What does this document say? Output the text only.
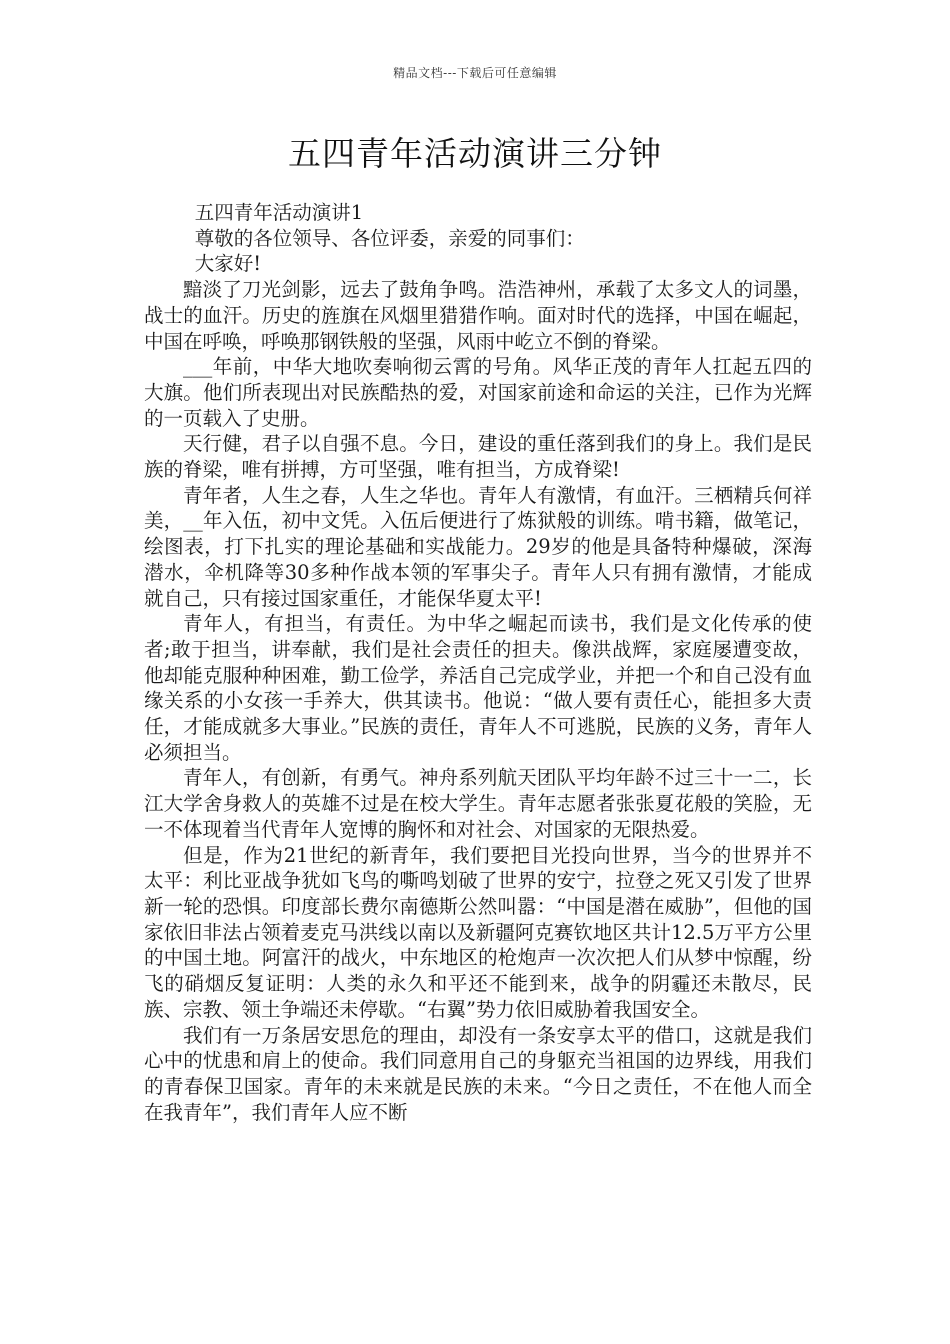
精品文档---下载后可任意编辑
五四青年活动演讲三分钟

五四青年活动演讲1

尊敬的各位领导、各位评委，亲爱的同事们：

大家好!

黯淡了刀光剑影，远去了鼓角争鸣。浩浩神州，承载了太多文人的词墨，战士的血汗。历史的旌旗在风烟里猎猎作响。面对时代的选择，中国在崛起，中国在呼唤，呼唤那钢铁般的坚强，风雨中屹立不倒的脊梁。

___年前，中华大地吹奏响彻云霄的号角。风华正茂的青年人扛起五四的大旗。他们所表现出对民族酷热的爱，对国家前途和命运的关注，已作为光辉的一页载入了史册。

天行健，君子以自强不息。今日，建设的重任落到我们的身上。我们是民族的脊梁，唯有拼搏，方可坚强，唯有担当，方成脊梁!

青年者，人生之春，人生之华也。青年人有激情，有血汗。三栖精兵何祥美，__年入伍，初中文凭。入伍后便进行了炼狱般的训练。啃书籍，做笔记，绘图表，打下扎实的理论基础和实战能力。29岁的他是具备特种爆破，深海潜水，伞机降等30多种作战本领的军事尖子。青年人只有拥有激情，才能成就自己，只有接过国家重任，才能保华夏太平!

青年人，有担当，有责任。为中华之崛起而读书，我们是文化传承的使者;敢于担当，讲奉献，我们是社会责任的担夫。像洪战辉，家庭屡遭变故，他却能克服种种困难，勤工俭学，养活自己完成学业，并把一个和自己没有血缘关系的小女孩一手养大，供其读书。他说：“做人要有责任心，能担多大责任，才能成就多大事业。”民族的责任，青年人不可逃脱，民族的义务，青年人必须担当。

青年人，有创新，有勇气。神舟系列航天团队平均年龄不过三十一二，长江大学舍身救人的英雄不过是在校大学生。青年志愿者张张夏花般的笑脸，无一不体现着当代青年人宽博的胸怀和对社会、对国家的无限热爱。

但是，作为21世纪的新青年，我们要把目光投向世界，当今的世界并不太平：利比亚战争犹如飞鸟的嘶鸣划破了世界的安宁，拉登之死又引发了世界新一轮的恐惧。印度部长费尔南德斯公然叫嚣：“中国是潜在威胁”，但他的国家依旧非法占领着麦克马洪线以南以及新疆阿克赛钦地区共计12.5万平方公里的中国土地。阿富汗的战火，中东地区的枪炮声一次次把人们从梦中惊醒，纷飞的硝烟反复证明：人类的永久和平还不能到来，战争的阴霾还未散尽，民族、宗教、领土争端还未停歇。“右翼”势力依旧威胁着我国安全。

我们有一万条居安思危的理由，却没有一条安享太平的借口，这就是我们心中的忧患和肩上的使命。我们同意用自己的身躯充当祖国的边界线，用我们的青春保卫国家。青年的未来就是民族的未来。“今日之责任，不在他人而全在我青年”，我们青年人应不断
